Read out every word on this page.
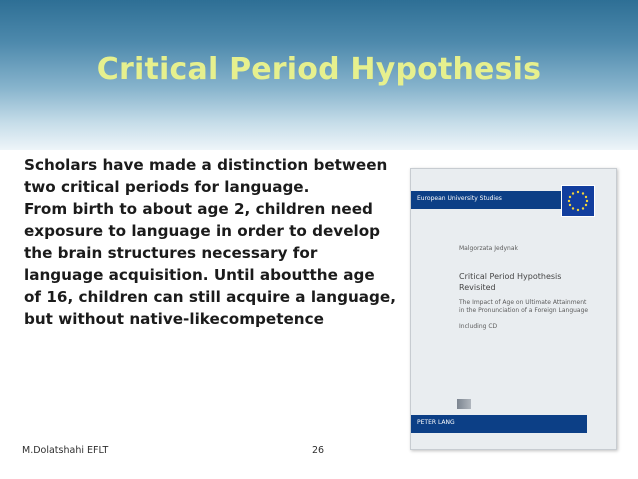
Critical Period Hypothesis

Scholars have made a distinction between

two critical periods for language.

From birth to about age 2, children need

exposure to language in order to develop

the brain structures necessary for

language acquisition. Until aboutthe age

of 16, children can still acquire a language,

but without native-likecompetence

European University Studies
Malgorzata Jedynak
Critical Period Hypothesis
Revisited
The Impact of Age on Ultimate Attainment
in the Pronunciation of a Foreign Language
Including CD
PETER LANG
M.Dolatshahi EFLT	26
